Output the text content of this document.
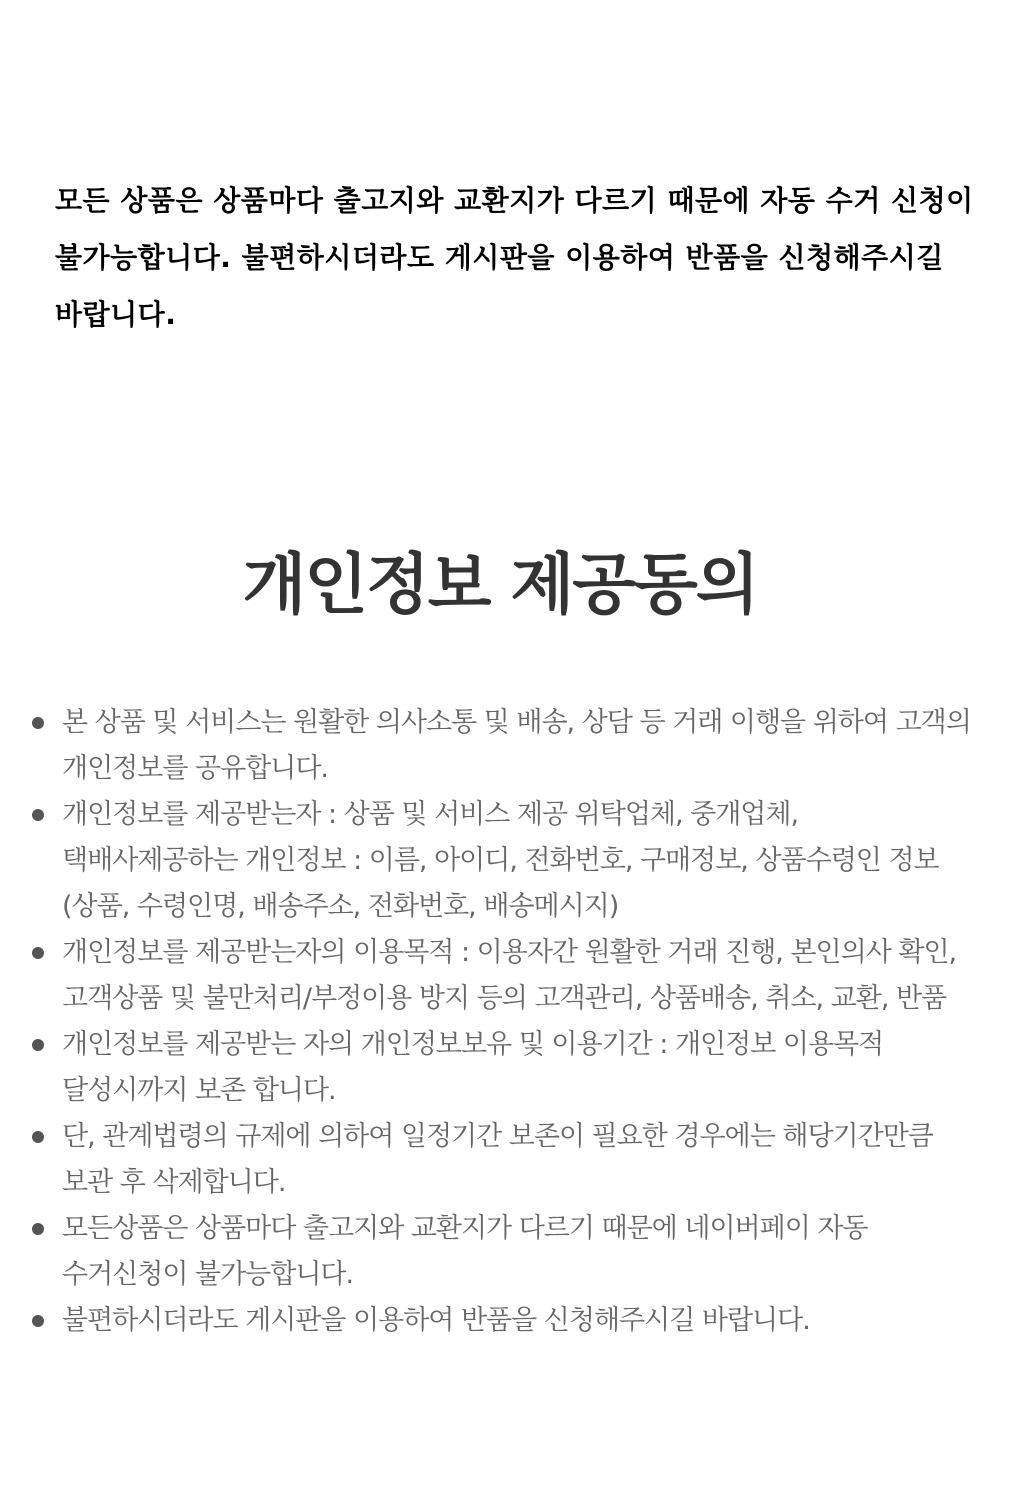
모든 상품은 상품마다 출고지와 교환지가 다르기 때문에 자동 수거 신청이 불가능합니다. 불편하시더라도 게시판을 이용하여 반품을 신청해주시길 바랍니다.
개인정보 제공동의
본 상품 및 서비스는 원활한 의사소통 및 배송, 상담 등 거래 이행을 위하여 고객의 개인정보를 공유합니다.
개인정보를 제공받는자 : 상품 및 서비스 제공 위탁업체, 중개업체,택배사제공하는 개인정보 : 이름, 아이디, 전화번호, 구매정보, 상품수령인 정보(상품, 수령인명, 배송주소, 전화번호, 배송메시지)
개인정보를 제공받는자의 이용목적 : 이용자간 원활한 거래 진행, 본인의사 확인, 고객상품 및 불만처리/부정이용 방지 등의 고객관리, 상품배송, 취소, 교환, 반품
개인정보를 제공받는 자의 개인정보보유 및 이용기간 : 개인정보 이용목적 달성시까지 보존 합니다.
단, 관계법령의 규제에 의하여 일정기간 보존이 필요한 경우에는 해당기간만큼 보관 후 삭제합니다.
모든상품은 상품마다 출고지와 교환지가 다르기 때문에 네이버페이 자동 수거신청이 불가능합니다.
불편하시더라도 게시판을 이용하여 반품을 신청해주시길 바랍니다.
